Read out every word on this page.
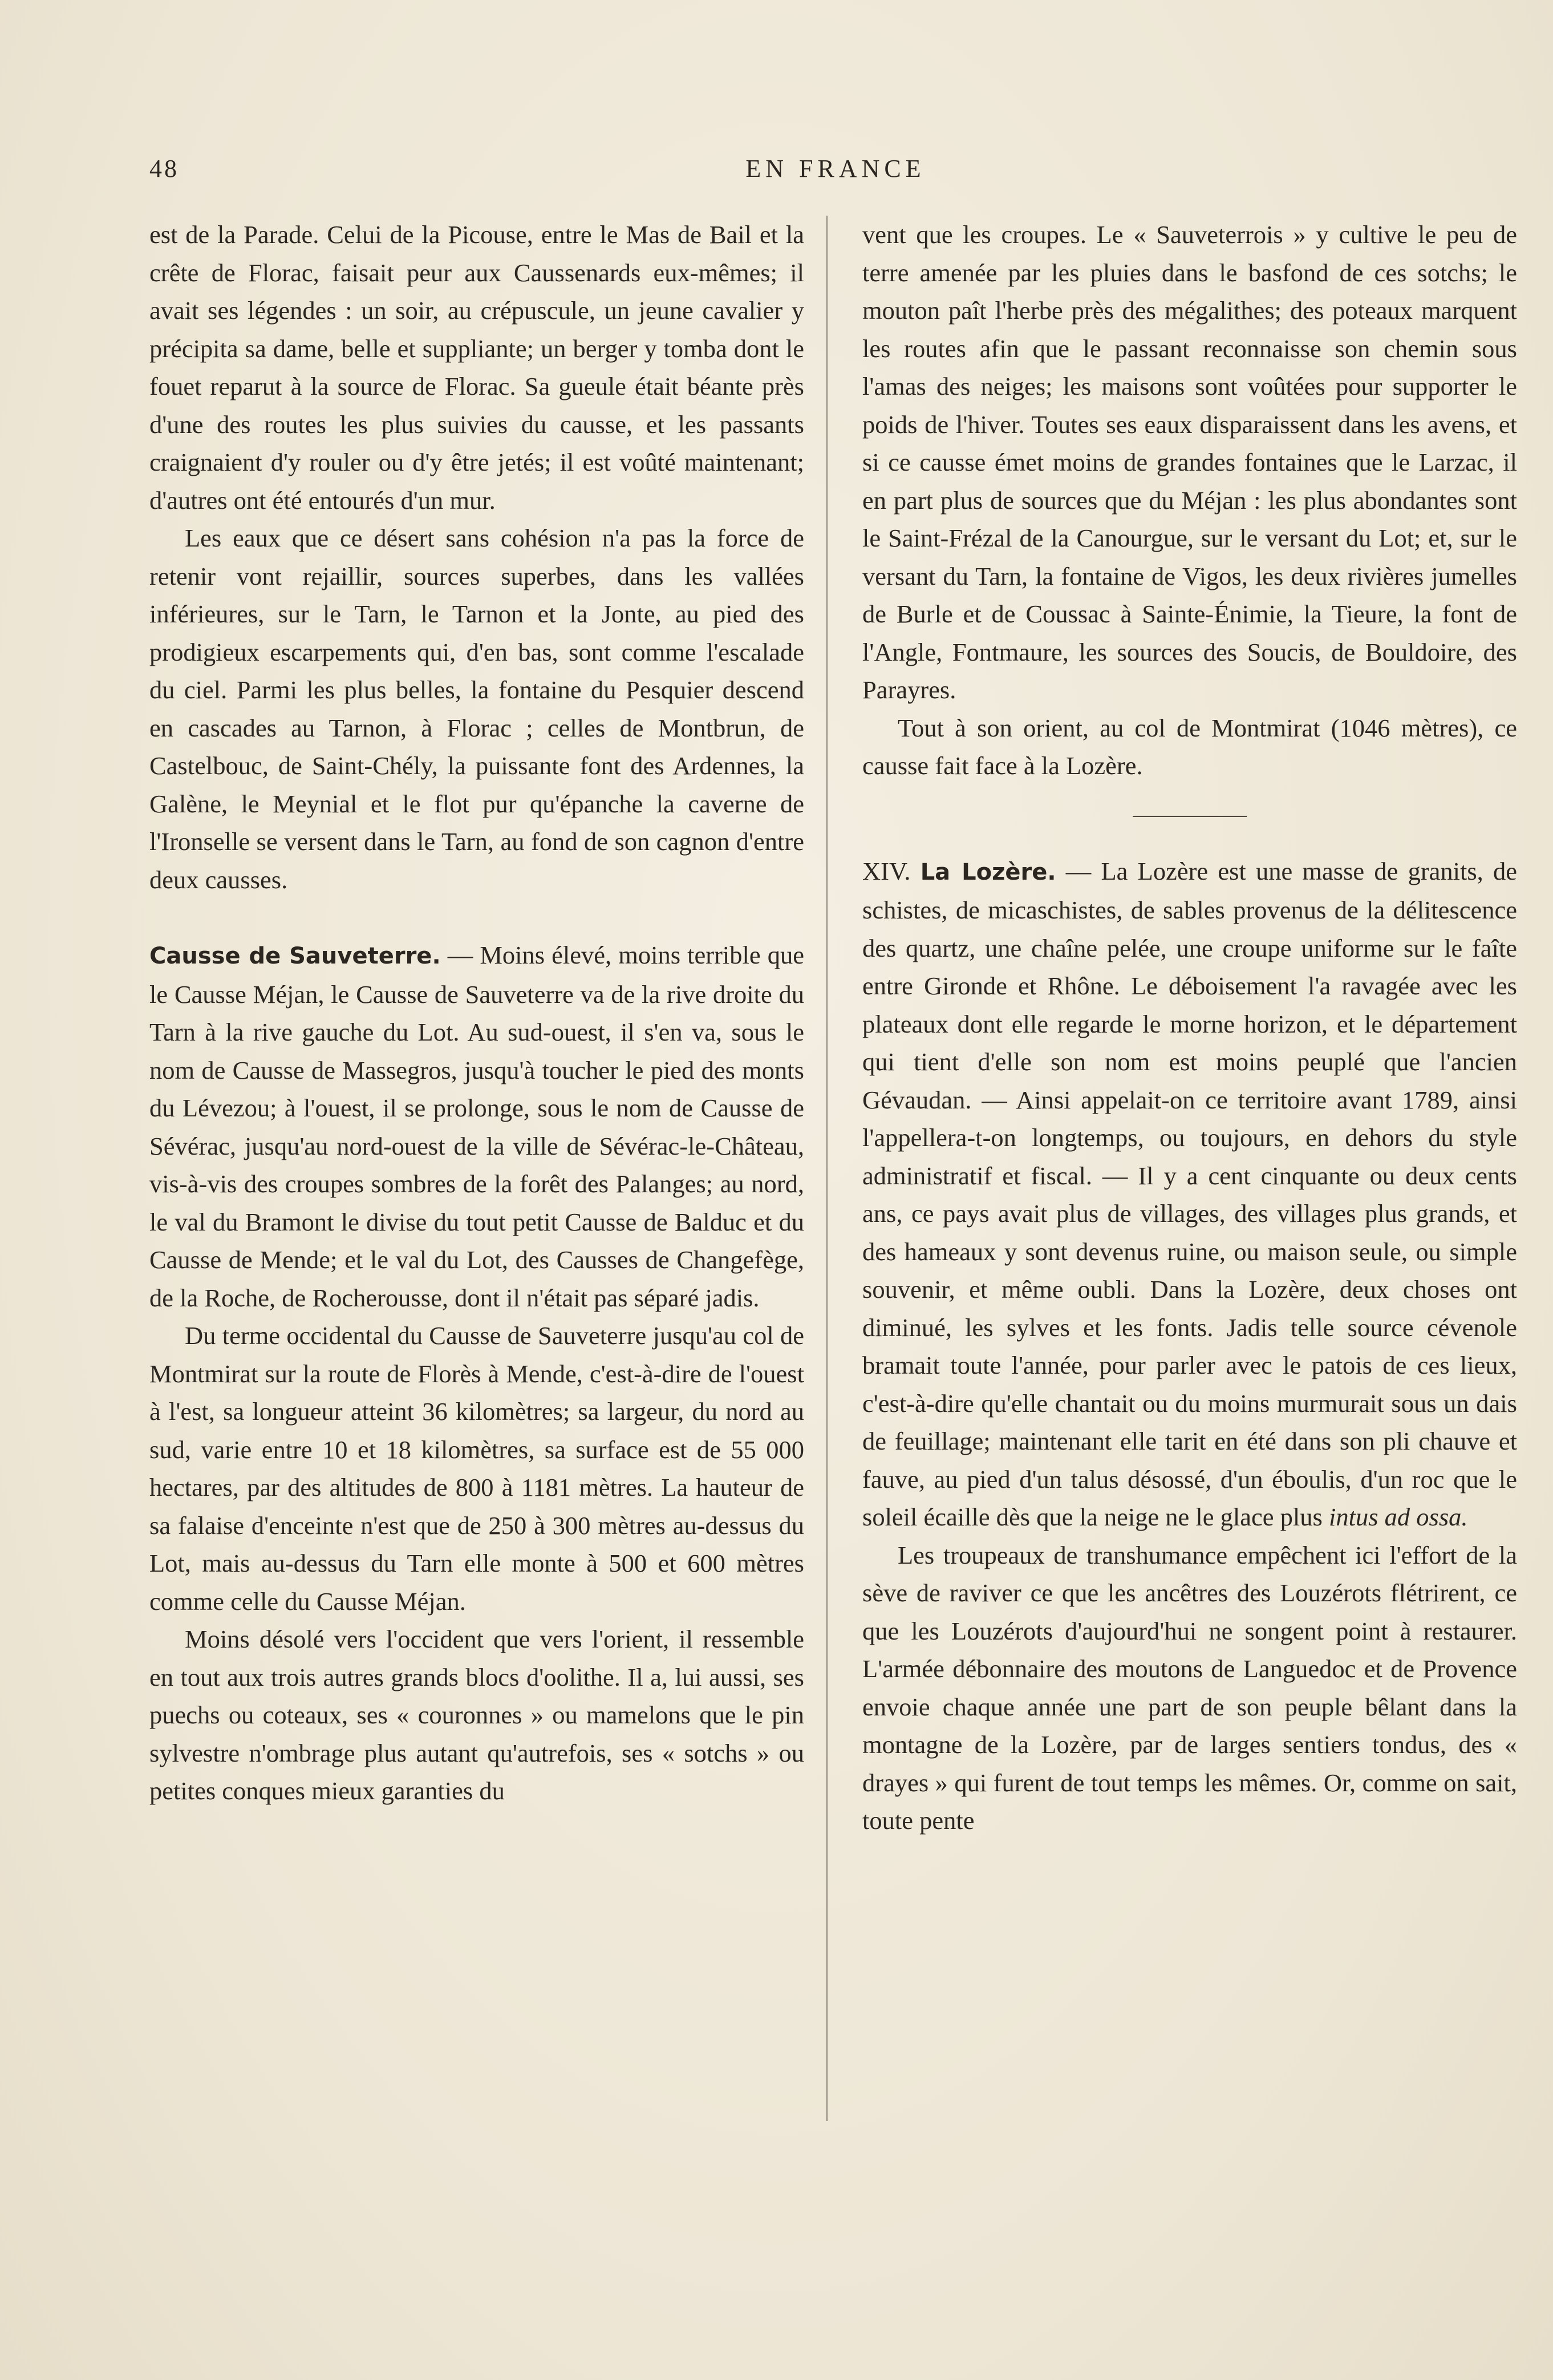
48	EN FRANCE

est de la Parade. Celui de la Picouse, entre le Mas de Bail et la crête de Florac, faisait peur aux Caussenards eux-mêmes; il avait ses légendes : un soir, au crépuscule, un jeune cavalier y précipita sa dame, belle et suppliante; un berger y tomba dont le fouet reparut à la source de Florac. Sa gueule était béante près d'une des routes les plus suivies du causse, et les passants craignaient d'y rouler ou d'y être jetés; il est voûté maintenant; d'autres ont été entourés d'un mur.

Les eaux que ce désert sans cohésion n'a pas la force de retenir vont rejaillir, sources superbes, dans les vallées inférieures, sur le Tarn, le Tarnon et la Jonte, au pied des prodigieux escarpements qui, d'en bas, sont comme l'escalade du ciel. Parmi les plus belles, la fontaine du Pesquier descend en cascades au Tarnon, à Florac ; celles de Montbrun, de Castelbouc, de Saint-Chély, la puissante font des Ardennes, la Galène, le Meynial et le flot pur qu'épanche la caverne de l'Ironselle se versent dans le Tarn, au fond de son cagnon d'entre deux causses.

Causse de Sauveterre. — Moins élevé, moins terrible que le Causse Méjan, le Causse de Sauveterre va de la rive droite du Tarn à la rive gauche du Lot. Au sud-ouest, il s'en va, sous le nom de Causse de Massegros, jusqu'à toucher le pied des monts du Lévezou; à l'ouest, il se prolonge, sous le nom de Causse de Sévérac, jusqu'au nord-ouest de la ville de Sévérac-le-Château, vis-à-vis des croupes sombres de la forêt des Palanges; au nord, le val du Bramont le divise du tout petit Causse de Balduc et du Causse de Mende; et le val du Lot, des Causses de Changefège, de la Roche, de Rocherousse, dont il n'était pas séparé jadis.

Du terme occidental du Causse de Sauveterre jusqu'au col de Montmirat sur la route de Florès à Mende, c'est-à-dire de l'ouest à l'est, sa longueur atteint 36 kilomètres; sa largeur, du nord au sud, varie entre 10 et 18 kilomètres, sa surface est de 55 000 hectares, par des altitudes de 800 à 1181 mètres. La hauteur de sa falaise d'enceinte n'est que de 250 à 300 mètres au-dessus du Lot, mais au-dessus du Tarn elle monte à 500 et 600 mètres comme celle du Causse Méjan.

Moins désolé vers l'occident que vers l'orient, il ressemble en tout aux trois autres grands blocs d'oolithe. Il a, lui aussi, ses puechs ou coteaux, ses « couronnes » ou mamelons que le pin sylvestre n'ombrage plus autant qu'autrefois, ses « sotchs » ou petites conques mieux garanties du

vent que les croupes. Le « Sauveterrois » y cultive le peu de terre amenée par les pluies dans le basfond de ces sotchs; le mouton paît l'herbe près des mégalithes; des poteaux marquent les routes afin que le passant reconnaisse son chemin sous l'amas des neiges; les maisons sont voûtées pour supporter le poids de l'hiver. Toutes ses eaux disparaissent dans les avens, et si ce causse émet moins de grandes fontaines que le Larzac, il en part plus de sources que du Méjan : les plus abondantes sont le Saint-Frézal de la Canourgue, sur le versant du Lot; et, sur le versant du Tarn, la fontaine de Vigos, les deux rivières jumelles de Burle et de Coussac à Sainte-Énimie, la Tieure, la font de l'Angle, Fontmaure, les sources des Soucis, de Bouldoire, des Parayres.

Tout à son orient, au col de Montmirat (1046 mètres), ce causse fait face à la Lozère.

XIV. La Lozère. — La Lozère est une masse de granits, de schistes, de micaschistes, de sables provenus de la délitescence des quartz, une chaîne pelée, une croupe uniforme sur le faîte entre Gironde et Rhône. Le déboisement l'a ravagée avec les plateaux dont elle regarde le morne horizon, et le département qui tient d'elle son nom est moins peuplé que l'ancien Gévaudan. — Ainsi appelait-on ce territoire avant 1789, ainsi l'appellera-t-on longtemps, ou toujours, en dehors du style administratif et fiscal. — Il y a cent cinquante ou deux cents ans, ce pays avait plus de villages, des villages plus grands, et des hameaux y sont devenus ruine, ou maison seule, ou simple souvenir, et même oubli. Dans la Lozère, deux choses ont diminué, les sylves et les fonts. Jadis telle source cévenole bramait toute l'année, pour parler avec le patois de ces lieux, c'est-à-dire qu'elle chantait ou du moins murmurait sous un dais de feuillage; maintenant elle tarit en été dans son pli chauve et fauve, au pied d'un talus désossé, d'un éboulis, d'un roc que le soleil écaille dès que la neige ne le glace plus intus ad ossa.

Les troupeaux de transhumance empêchent ici l'effort de la sève de raviver ce que les ancêtres des Louzérots flétrirent, ce que les Louzérots d'aujourd'hui ne songent point à restaurer. L'armée débonnaire des moutons de Languedoc et de Provence envoie chaque année une part de son peuple bêlant dans la montagne de la Lozère, par de larges sentiers tondus, des « drayes » qui furent de tout temps les mêmes. Or, comme on sait, toute pente
